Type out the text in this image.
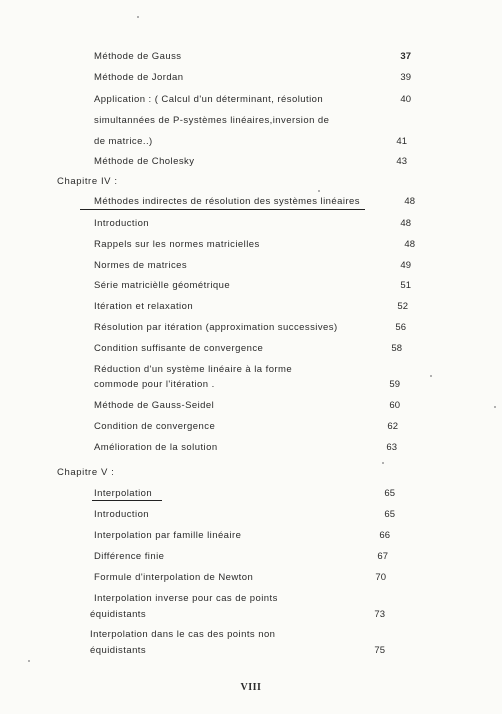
Méthode de Gauss	37
Méthode de Jordan	39
Application : ( Calcul d'un déterminant, résolution	40
simultannées de P-systèmes linéaires,inversion de
de matrice..)	41
Méthode de Cholesky	43
Chapitre IV :
Méthodes indirectes de résolution des systèmes linéaires	48
Introduction	48
Rappels sur les normes matricielles	48
Normes de matrices	49
Série matricièlle géométrique	51
Itération et relaxation	52
Résolution par itération (approximation successives)	56
Condition suffisante de convergence	58
Réduction d'un système linéaire à la forme
commode pour l'itération .	59
Méthode de Gauss-Seidel	60
Condition de convergence	62
Amélioration de la solution	63
Chapitre V :
Interpolation	65
Introduction	65
Interpolation par famille linéaire	66
Différence finie	67
Formule d'interpolation de Newton	70
Interpolation inverse pour cas de points
équidistants	73
Interpolation dans le cas des points non
équidistants	75
VIII
